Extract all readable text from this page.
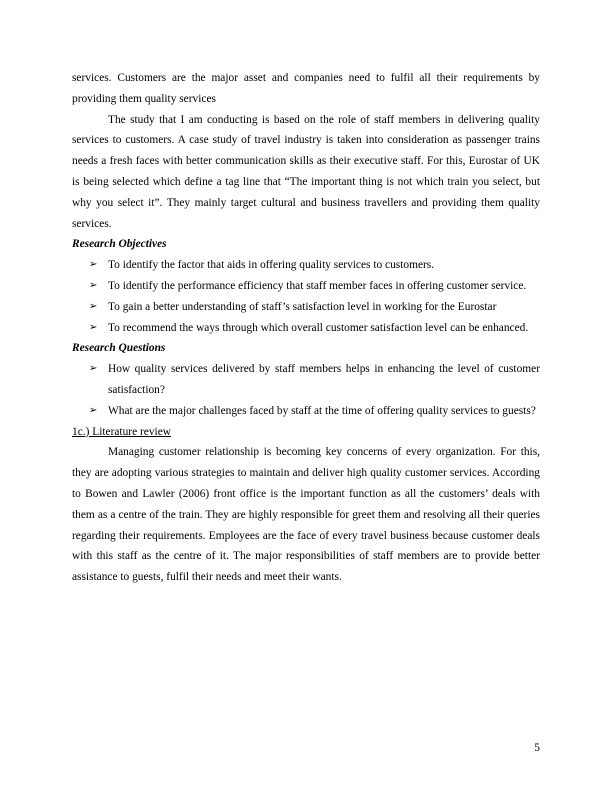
services. Customers are the major asset and companies need to fulfil all their requirements by providing them quality services

The study that I am conducting is based on the role of staff members in delivering quality services to customers. A case study of travel industry is taken into consideration as passenger trains needs a fresh faces with better communication skills as their executive staff. For this, Eurostar of UK is being selected which define a tag line that “The important thing is not which train you select, but why you select it”. They mainly target cultural and business travellers and providing them quality services.

Research Objectives

➢ To identify the factor that aids in offering quality services to customers.
➢ To identify the performance efficiency that staff member faces in offering customer service.
➢ To gain a better understanding of staff’s satisfaction level in working for the Eurostar
➢ To recommend the ways through which overall customer satisfaction level can be enhanced.

Research Questions

➢ How quality services delivered by staff members helps in enhancing the level of customer satisfaction?
➢ What are the major challenges faced by staff at the time of offering quality services to guests?

1c.) Literature review

Managing customer relationship is becoming key concerns of every organization. For this, they are adopting various strategies to maintain and deliver high quality customer services. According to Bowen and Lawler (2006) front office is the important function as all the customers’ deals with them as a centre of the train. They are highly responsible for greet them and resolving all their queries regarding their requirements. Employees are the face of every travel business because customer deals with this staff as the centre of it. The major responsibilities of staff members are to provide better assistance to guests, fulfil their needs and meet their wants.

5
